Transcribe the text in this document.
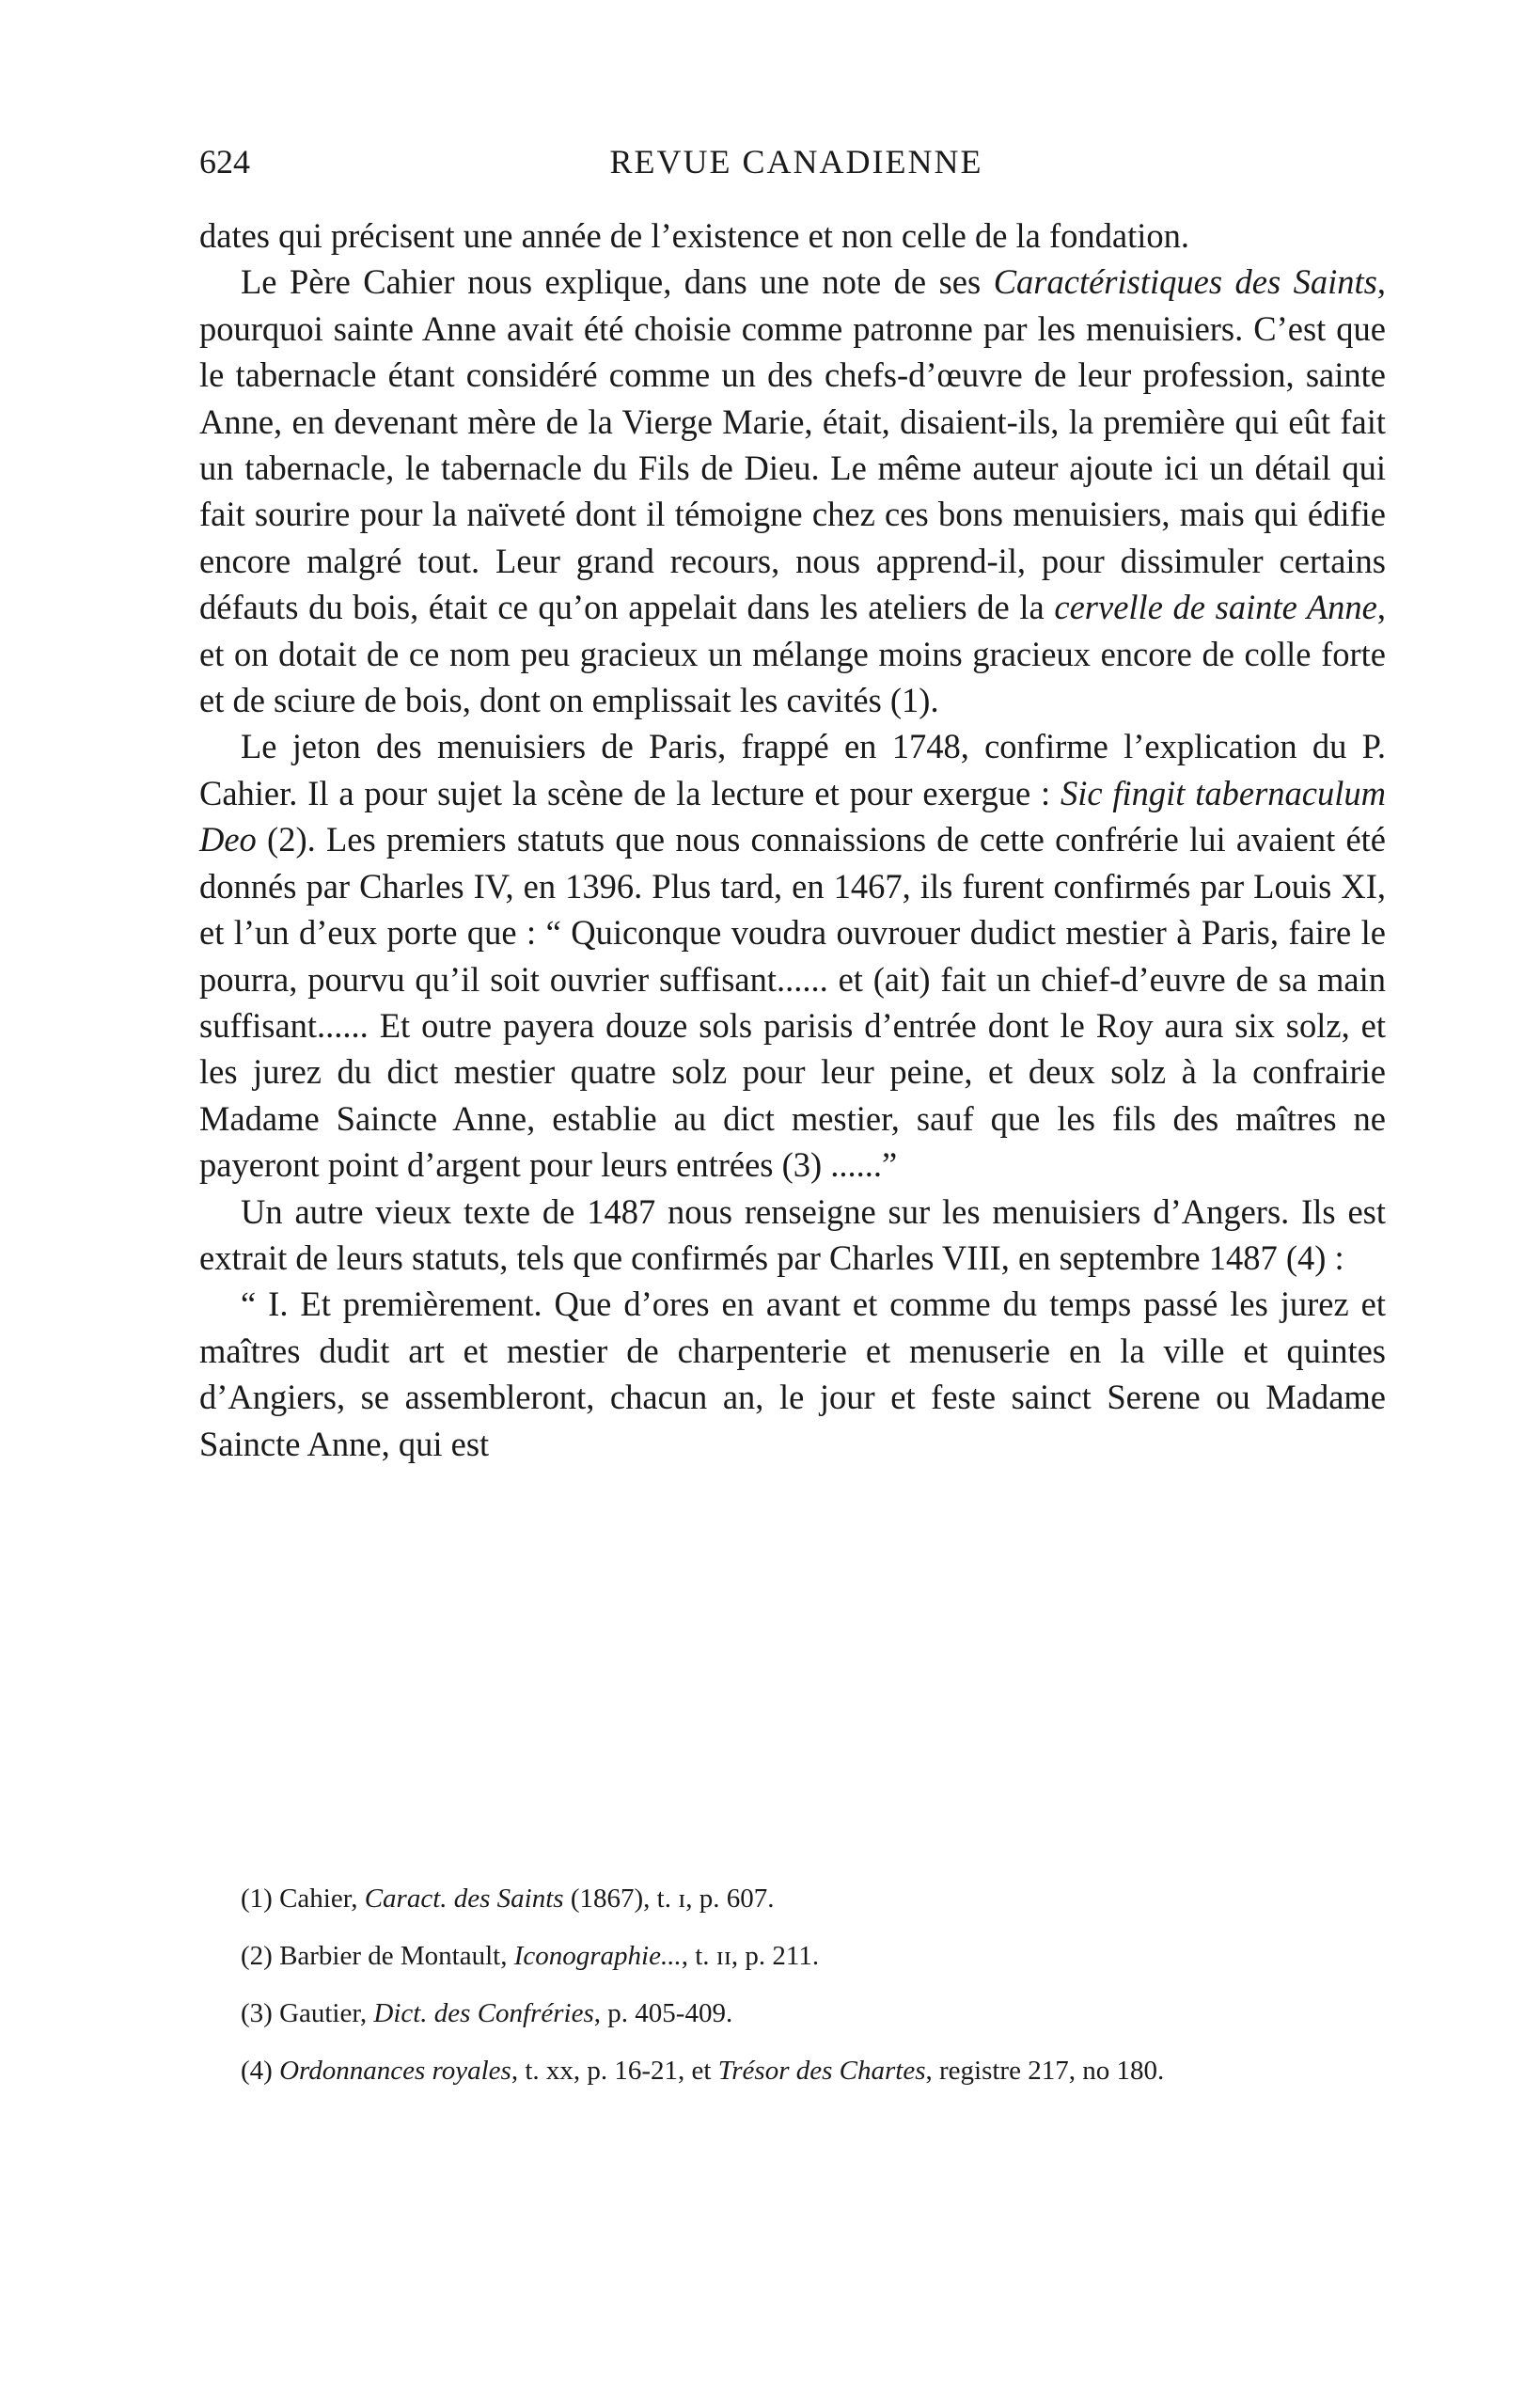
624	REVUE CANADIENNE

dates qui précisent une année de l’existence et non celle de la fondation.

Le Père Cahier nous explique, dans une note de ses Caractéristiques des Saints, pourquoi sainte Anne avait été choisie comme patronne par les menuisiers. C’est que le tabernacle étant considéré comme un des chefs-d’œuvre de leur profession, sainte Anne, en devenant mère de la Vierge Marie, était, disaient-ils, la première qui eût fait un tabernacle, le tabernacle du Fils de Dieu. Le même auteur ajoute ici un détail qui fait sourire pour la naïveté dont il témoigne chez ces bons menuisiers, mais qui édifie encore malgré tout. Leur grand recours, nous apprend-il, pour dissimuler certains défauts du bois, était ce qu’on appelait dans les ateliers de la cervelle de sainte Anne, et on dotait de ce nom peu gracieux un mélange moins gracieux encore de colle forte et de sciure de bois, dont on emplissait les cavités (1).

Le jeton des menuisiers de Paris, frappé en 1748, confirme l’explication du P. Cahier. Il a pour sujet la scène de la lecture et pour exergue : Sic fingit tabernaculum Deo (2). Les premiers statuts que nous connaissions de cette confrérie lui avaient été donnés par Charles IV, en 1396. Plus tard, en 1467, ils furent confirmés par Louis XI, et l’un d’eux porte que : “ Quiconque voudra ouvrouer dudict mestier à Paris, faire le pourra, pourvu qu’il soit ouvrier suffisant...... et (ait) fait un chief-d’euvre de sa main suffisant...... Et outre payera douze sols parisis d’entrée dont le Roy aura six solz, et les jurez du dict mestier quatre solz pour leur peine, et deux solz à la confrairie Madame Saincte Anne, establie au dict mestier, sauf que les fils des maîtres ne payeront point d’argent pour leurs entrées (3) ......”

Un autre vieux texte de 1487 nous renseigne sur les menuisiers d’Angers. Ils est extrait de leurs statuts, tels que confirmés par Charles VIII, en septembre 1487 (4) :

“ I. Et premièrement. Que d’ores en avant et comme du temps passé les jurez et maîtres dudit art et mestier de charpenterie et menuserie en la ville et quintes d’Angiers, se assembleront, chacun an, le jour et feste sainct Serene ou Madame Saincte Anne, qui est

(1) Cahier, Caract. des Saints (1867), t. ɪ, p. 607.

(2) Barbier de Montault, Iconographie..., t. ɪɪ, p. 211.

(3) Gautier, Dict. des Confréries, p. 405-409.

(4) Ordonnances royales, t. xx, p. 16-21, et Trésor des Chartes, registre 217, no 180.
